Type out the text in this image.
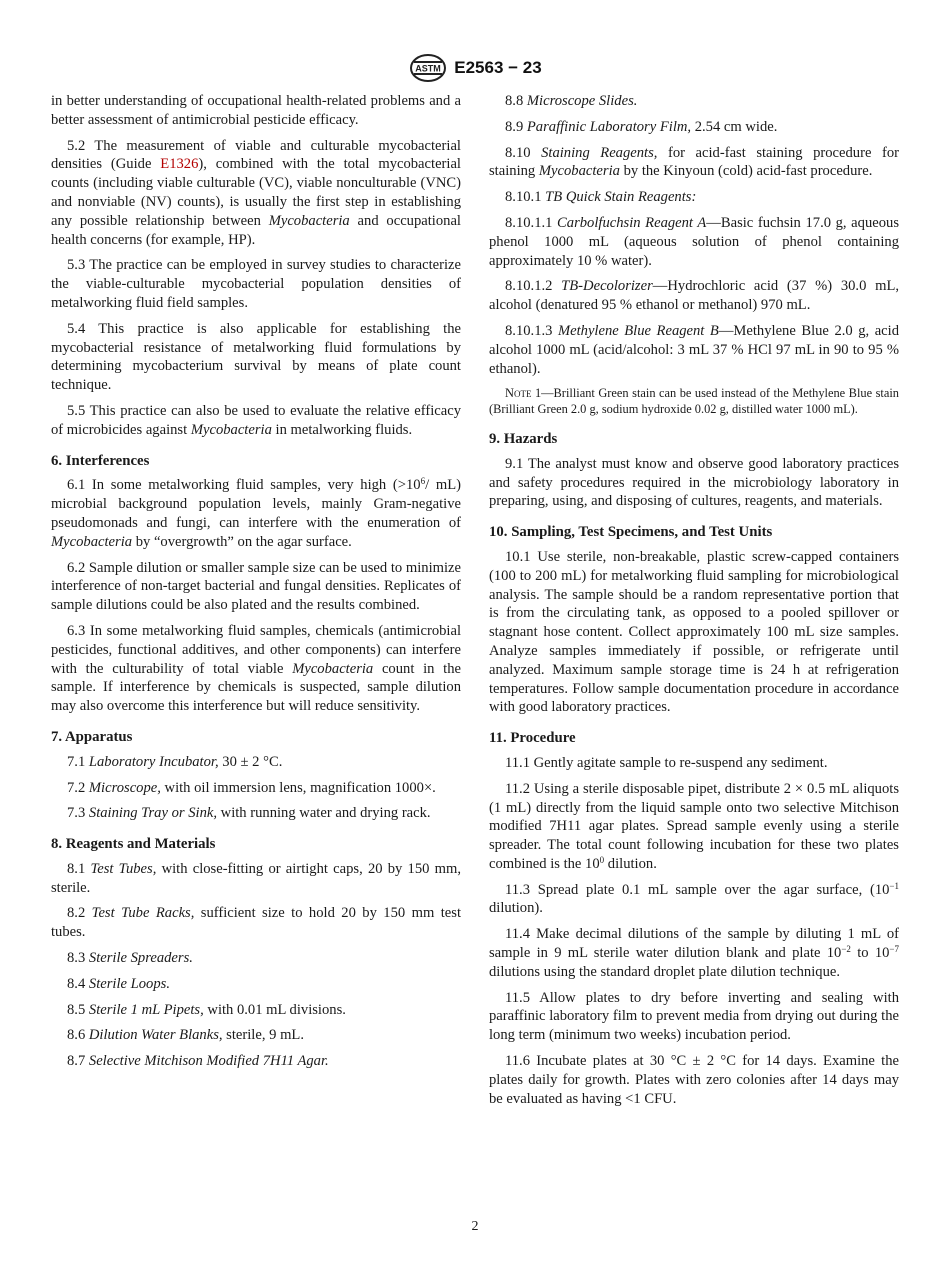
ASTM E2563 − 23

in better understanding of occupational health-related problems and a better assessment of antimicrobial pesticide efficacy.

5.2 The measurement of viable and culturable mycobacterial densities (Guide E1326), combined with the total mycobacterial counts (including viable culturable (VC), viable nonculturable (VNC) and nonviable (NV) counts), is usually the first step in establishing any possible relationship between Mycobacteria and occupational health concerns (for example, HP).

5.3 The practice can be employed in survey studies to characterize the viable-culturable mycobacterial population densities of metalworking fluid field samples.

5.4 This practice is also applicable for establishing the mycobacterial resistance of metalworking fluid formulations by determining mycobacterium survival by means of plate count technique.

5.5 This practice can also be used to evaluate the relative efficacy of microbicides against Mycobacteria in metalworking fluids.

6. Interferences

6.1 In some metalworking fluid samples, very high ($>10^6/$ mL) microbial background population levels, mainly Gram-negative pseudomonads and fungi, can interfere with the enumeration of Mycobacteria by “overgrowth” on the agar surface.

6.2 Sample dilution or smaller sample size can be used to minimize interference of non-target bacterial and fungal densities. Replicates of sample dilutions could be also plated and the results combined.

6.3 In some metalworking fluid samples, chemicals (antimicrobial pesticides, functional additives, and other components) can interfere with the culturability of total viable Mycobacteria count in the sample. If interference by chemicals is suspected, sample dilution may also overcome this interference but will reduce sensitivity.

7. Apparatus

7.1 Laboratory Incubator, 30 ± 2 °C.

7.2 Microscope, with oil immersion lens, magnification 1000×.

7.3 Staining Tray or Sink, with running water and drying rack.

8. Reagents and Materials

8.1 Test Tubes, with close-fitting or airtight caps, 20 by 150 mm, sterile.

8.2 Test Tube Racks, sufficient size to hold 20 by 150 mm test tubes.

8.3 Sterile Spreaders.

8.4 Sterile Loops.

8.5 Sterile 1 mL Pipets, with 0.01 mL divisions.

8.6 Dilution Water Blanks, sterile, 9 mL.

8.7 Selective Mitchison Modified 7H11 Agar.

8.8 Microscope Slides.

8.9 Paraffinic Laboratory Film, 2.54 cm wide.

8.10 Staining Reagents, for acid-fast staining procedure for staining Mycobacteria by the Kinyoun (cold) acid-fast procedure.

8.10.1 TB Quick Stain Reagents:

8.10.1.1 Carbolfuchsin Reagent A—Basic fuchsin 17.0 g, aqueous phenol 1000 mL (aqueous solution of phenol containing approximately 10 % water).

8.10.1.2 TB-Decolorizer—Hydrochloric acid (37 %) 30.0 mL, alcohol (denatured 95 % ethanol or methanol) 970 mL.

8.10.1.3 Methylene Blue Reagent B—Methylene Blue 2.0 g, acid alcohol 1000 mL (acid/alcohol: 3 mL 37 % HCl 97 mL in 90 to 95 % ethanol).

Note 1—Brilliant Green stain can be used instead of the Methylene Blue stain (Brilliant Green 2.0 g, sodium hydroxide 0.02 g, distilled water 1000 mL).

9. Hazards

9.1 The analyst must know and observe good laboratory practices and safety procedures required in the microbiology laboratory in preparing, using, and disposing of cultures, reagents, and materials.

10. Sampling, Test Specimens, and Test Units

10.1 Use sterile, non-breakable, plastic screw-capped containers (100 to 200 mL) for metalworking fluid sampling for microbiological analysis. The sample should be a random representative portion that is from the circulating tank, as opposed to a pooled spillover or stagnant hose content. Collect approximately 100 mL size samples. Analyze samples immediately if possible, or refrigerate until analyzed. Maximum sample storage time is 24 h at refrigeration temperatures. Follow sample documentation procedure in accordance with good laboratory practices.

11. Procedure

11.1 Gently agitate sample to re-suspend any sediment.

11.2 Using a sterile disposable pipet, distribute 2 × 0.5 mL aliquots (1 mL) directly from the liquid sample onto two selective Mitchison modified 7H11 agar plates. Spread sample evenly using a sterile spreader. The total count following incubation for these two plates combined is the $10^0$ dilution.

11.3 Spread plate 0.1 mL sample over the agar surface, ($10^{-1}$ dilution).

11.4 Make decimal dilutions of the sample by diluting 1 mL of sample in 9 mL sterile water dilution blank and plate $10^{-2}$ to $10^{-7}$ dilutions using the standard droplet plate dilution technique.

11.5 Allow plates to dry before inverting and sealing with paraffinic laboratory film to prevent media from drying out during the long term (minimum two weeks) incubation period.

11.6 Incubate plates at 30 °C ± 2 °C for 14 days. Examine the plates daily for growth. Plates with zero colonies after 14 days may be evaluated as having <1 CFU.

2
